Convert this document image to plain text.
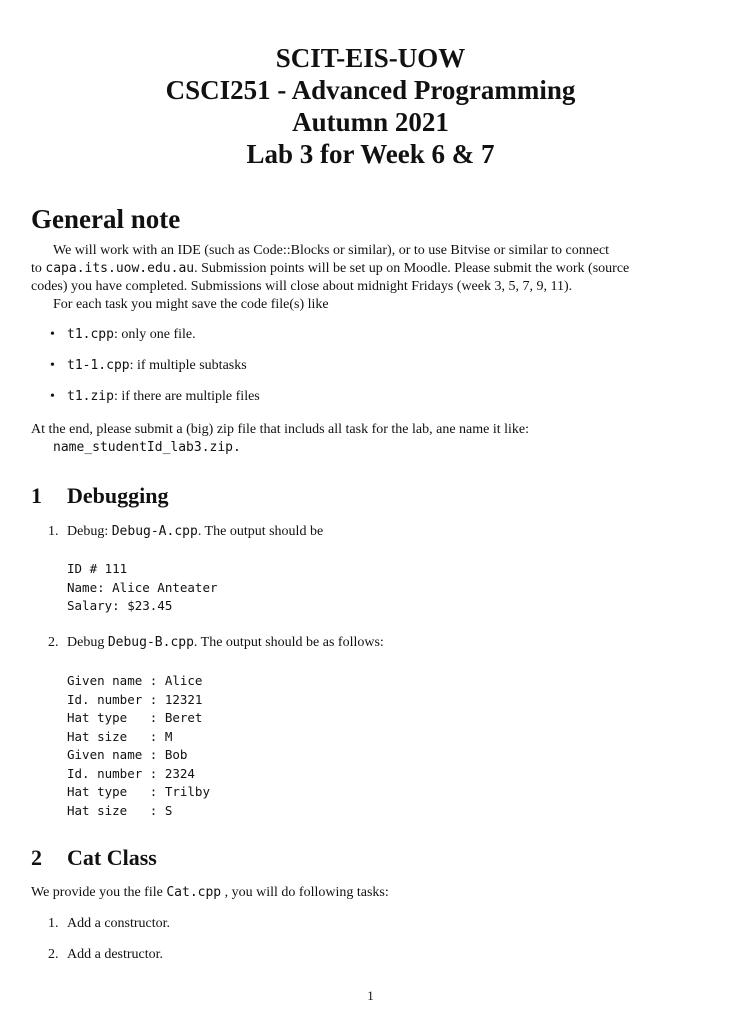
SCIT-EIS-UOW

CSCI251 - Advanced Programming

Autumn 2021

Lab 3 for Week 6 & 7

General note
We will work with an IDE (such as Code::Blocks or similar), or to use Bitvise or similar to connect
to capa.its.uow.edu.au. Submission points will be set up on Moodle. Please submit the work (source
codes) you have completed. Submissions will close about midnight Fridays (week 3, 5, 7, 9, 11).
For each task you might save the code file(s) like
• t1.cpp: only one file.
• t1-1.cpp: if multiple subtasks
• t1.zip: if there are multiple files
At the end, please submit a (big) zip file that includs all task for the lab, ane name it like:
name_studentId_lab3.zip.
1 Debugging
1. Debug: Debug-A.cpp. The output should be
ID # 111
Name: Alice Anteater
Salary: $23.45
2. Debug Debug-B.cpp. The output should be as follows:
Given name : Alice
Id. number : 12321
Hat type   : Beret
Hat size   : M
Given name : Bob
Id. number : 2324
Hat type   : Trilby
Hat size   : S
2 Cat Class
We provide you the file Cat.cpp , you will do following tasks:
1. Add a constructor.
2. Add a destructor.
1
